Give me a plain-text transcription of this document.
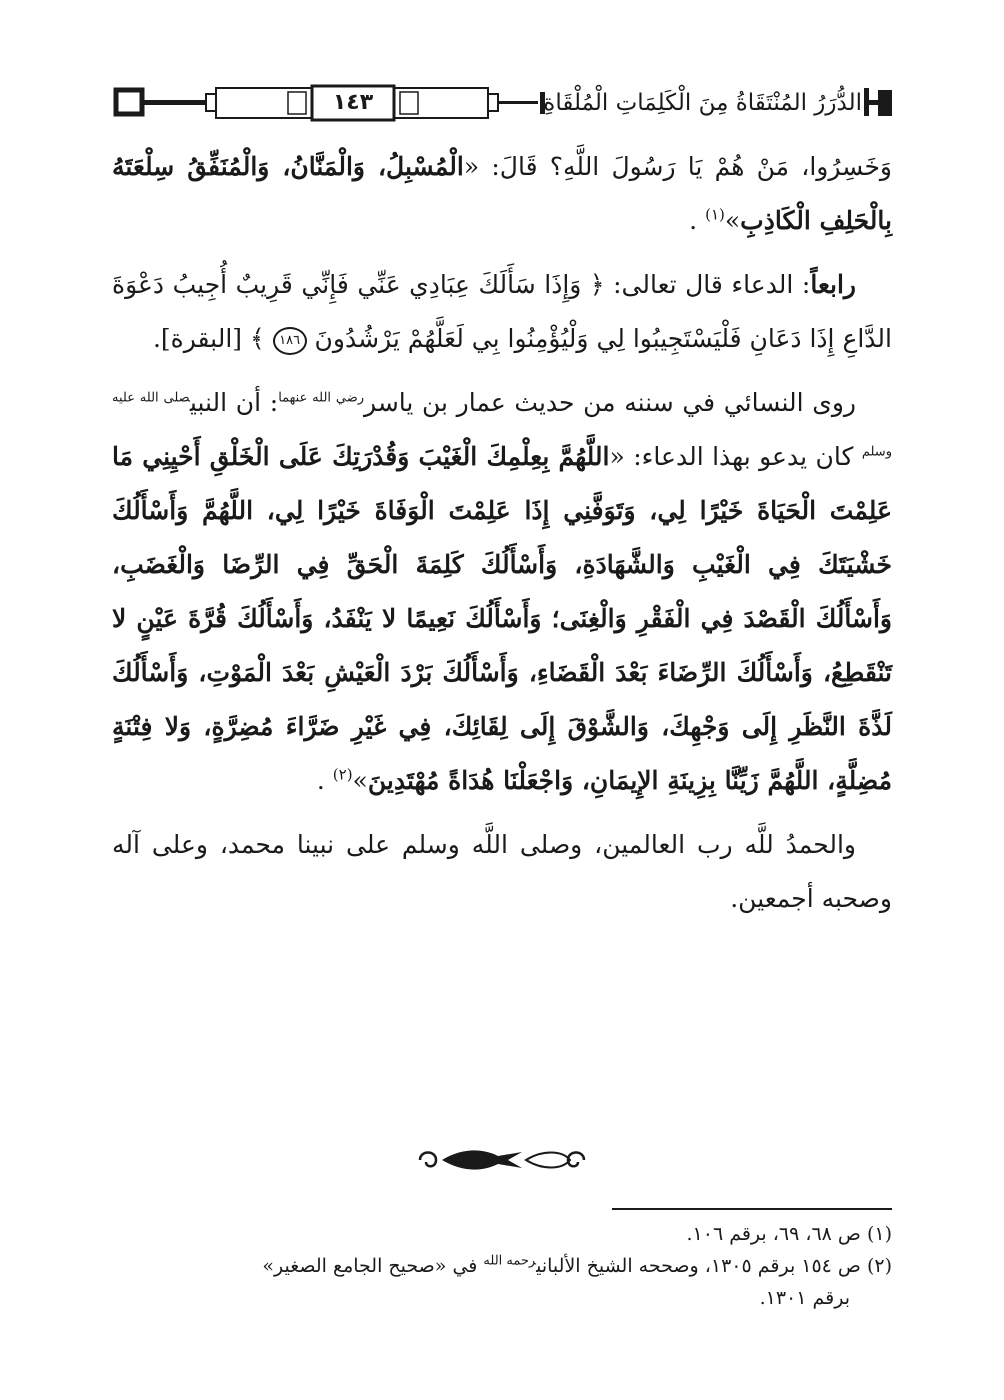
١٤٣	الدُّرَرُ المُنْتَقَاةُ مِنَ الْكَلِمَاتِ الْمُلْقَاةِ

وَخَسِرُوا، مَنْ هُمْ يَا رَسُولَ اللَّهِ؟ قَالَ: «الْمُسْبِلُ، وَالْمَنَّانُ، وَالْمُنَفِّقُ سِلْعَتَهُ بِالْحَلِفِ الْكَاذِبِ»$^{(١)}$ .

رابعاً: الدعاء قال تعالى: ﴿ وَإِذَا سَأَلَكَ عِبَادِي عَنِّي فَإِنِّي قَرِيبٌ أُجِيبُ دَعْوَةَ الدَّاعِ إِذَا دَعَانِ فَلْيَسْتَجِيبُوا لِي وَلْيُؤْمِنُوا بِي لَعَلَّهُمْ يَرْشُدُونَ ١٨٦ ﴾ [البقرة].

روى النسائي في سننه من حديث عمار بن ياسر$^{رضي الله عنهما}$: أن النبي$^{صلى الله عليه وسلم}$ كان يدعو بهذا الدعاء: «اللَّهُمَّ بِعِلْمِكَ الْغَيْبَ وَقُدْرَتِكَ عَلَى الْخَلْقِ أَحْيِنِي مَا عَلِمْتَ الْحَيَاةَ خَيْرًا لِي، وَتَوَفَّنِي إِذَا عَلِمْتَ الْوَفَاةَ خَيْرًا لِي، اللَّهُمَّ وَأَسْأَلُكَ خَشْيَتَكَ فِي الْغَيْبِ وَالشَّهَادَةِ، وَأَسْأَلُكَ كَلِمَةَ الْحَقِّ فِي الرِّضَا وَالْغَضَبِ، وَأَسْأَلُكَ الْقَصْدَ فِي الْفَقْرِ وَالْغِنَى؛ وَأَسْأَلُكَ نَعِيمًا لا يَنْفَدُ، وَأَسْأَلُكَ قُرَّةَ عَيْنٍ لا تَنْقَطِعُ، وَأَسْأَلُكَ الرِّضَاءَ بَعْدَ الْقَضَاءِ، وَأَسْأَلُكَ بَرْدَ الْعَيْشِ بَعْدَ الْمَوْتِ، وَأَسْأَلُكَ لَذَّةَ النَّظَرِ إِلَى وَجْهِكَ، وَالشَّوْقَ إِلَى لِقَائِكَ، فِي غَيْرِ ضَرَّاءَ مُضِرَّةٍ، وَلا فِتْنَةٍ مُضِلَّةٍ، اللَّهُمَّ زَيِّنَّا بِزِينَةِ الإِيمَانِ، وَاجْعَلْنَا هُدَاةً مُهْتَدِينَ»$^{(٢)}$ .

والحمدُ للَّه رب العالمين، وصلى اللَّه وسلم على نبينا محمد، وعلى آله وصحبه أجمعين.

(١) ص ٦٨، ٦٩، برقم ١٠٦.

(٢) ص ١٥٤ برقم ١٣٠٥، وصححه الشيخ الألباني$^{رحمه الله}$ في «صحيح الجامع الصغير»

برقم ١٣٠١.
